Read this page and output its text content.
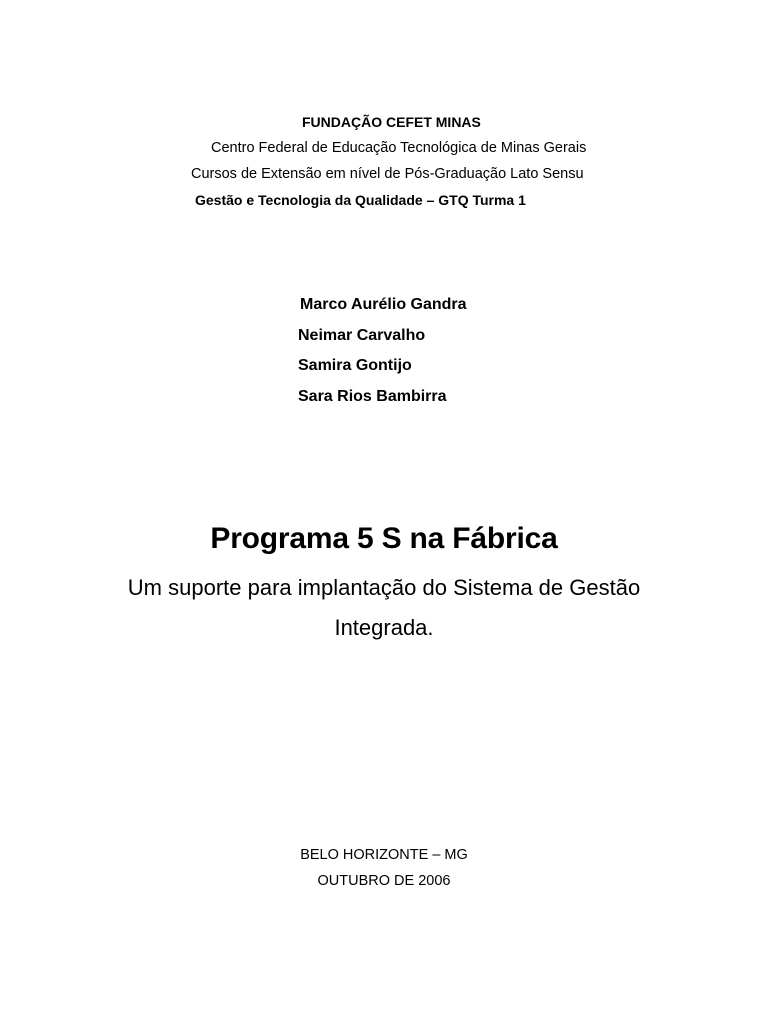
FUNDAÇÃO CEFET MINAS
Centro Federal de Educação Tecnológica de Minas Gerais
Cursos de Extensão em nível de Pós-Graduação Lato Sensu
Gestão e Tecnologia da Qualidade – GTQ Turma 1
Marco Aurélio Gandra
Neimar Carvalho
Samira Gontijo
Sara Rios Bambirra
Programa 5 S na Fábrica
Um suporte para implantação do Sistema de Gestão
Integrada.
BELO HORIZONTE – MG
OUTUBRO DE 2006
